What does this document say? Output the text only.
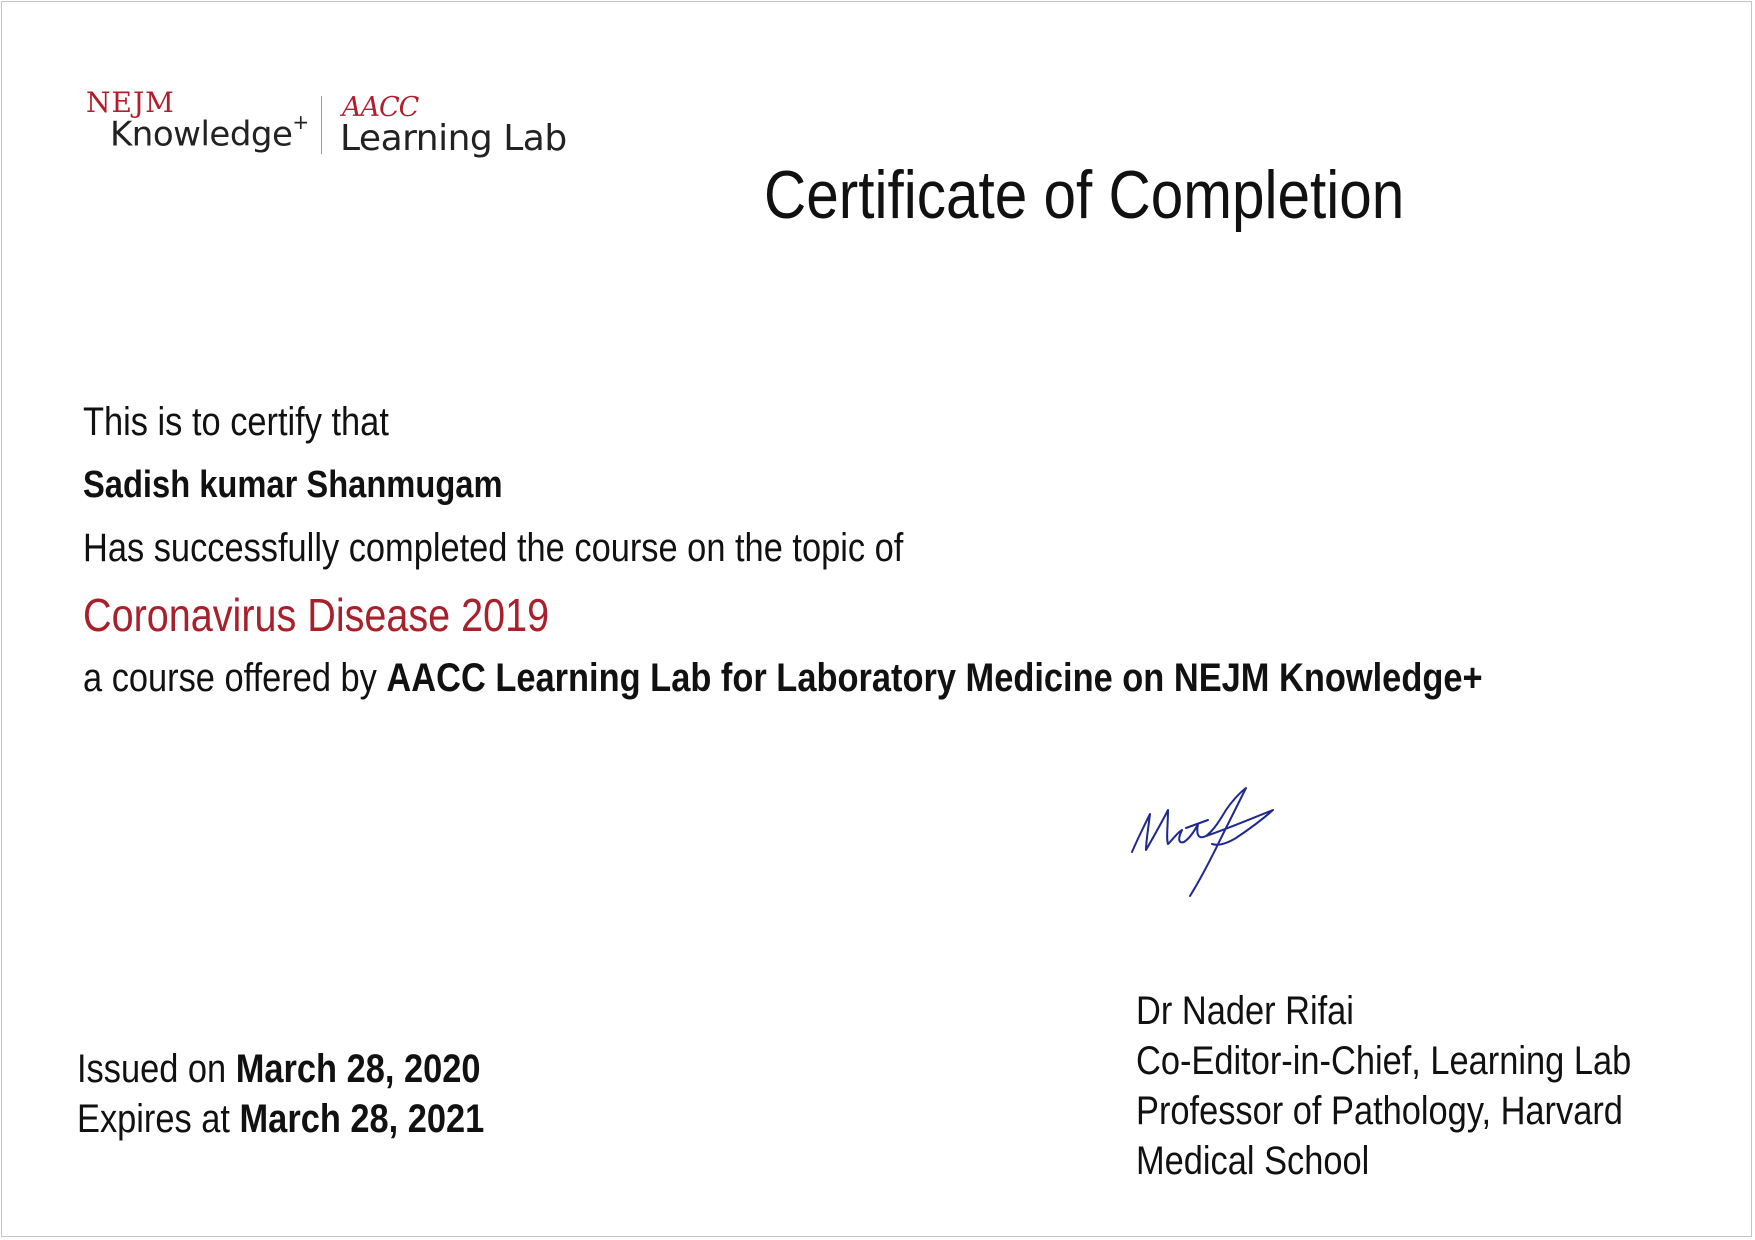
NEJM
Knowledge+ AACC
Learning Lab
Certificate of Completion
This is to certify that
Sadish kumar Shanmugam
Has successfully completed the course on the topic of
Coronavirus Disease 2019
a course offered by AACC Learning Lab for Laboratory Medicine on NEJM Knowledge+
Dr Nader Rifai
Co-Editor-in-Chief, Learning Lab
Professor of Pathology, Harvard
Medical School
Issued on March 28, 2020
Expires at March 28, 2021
